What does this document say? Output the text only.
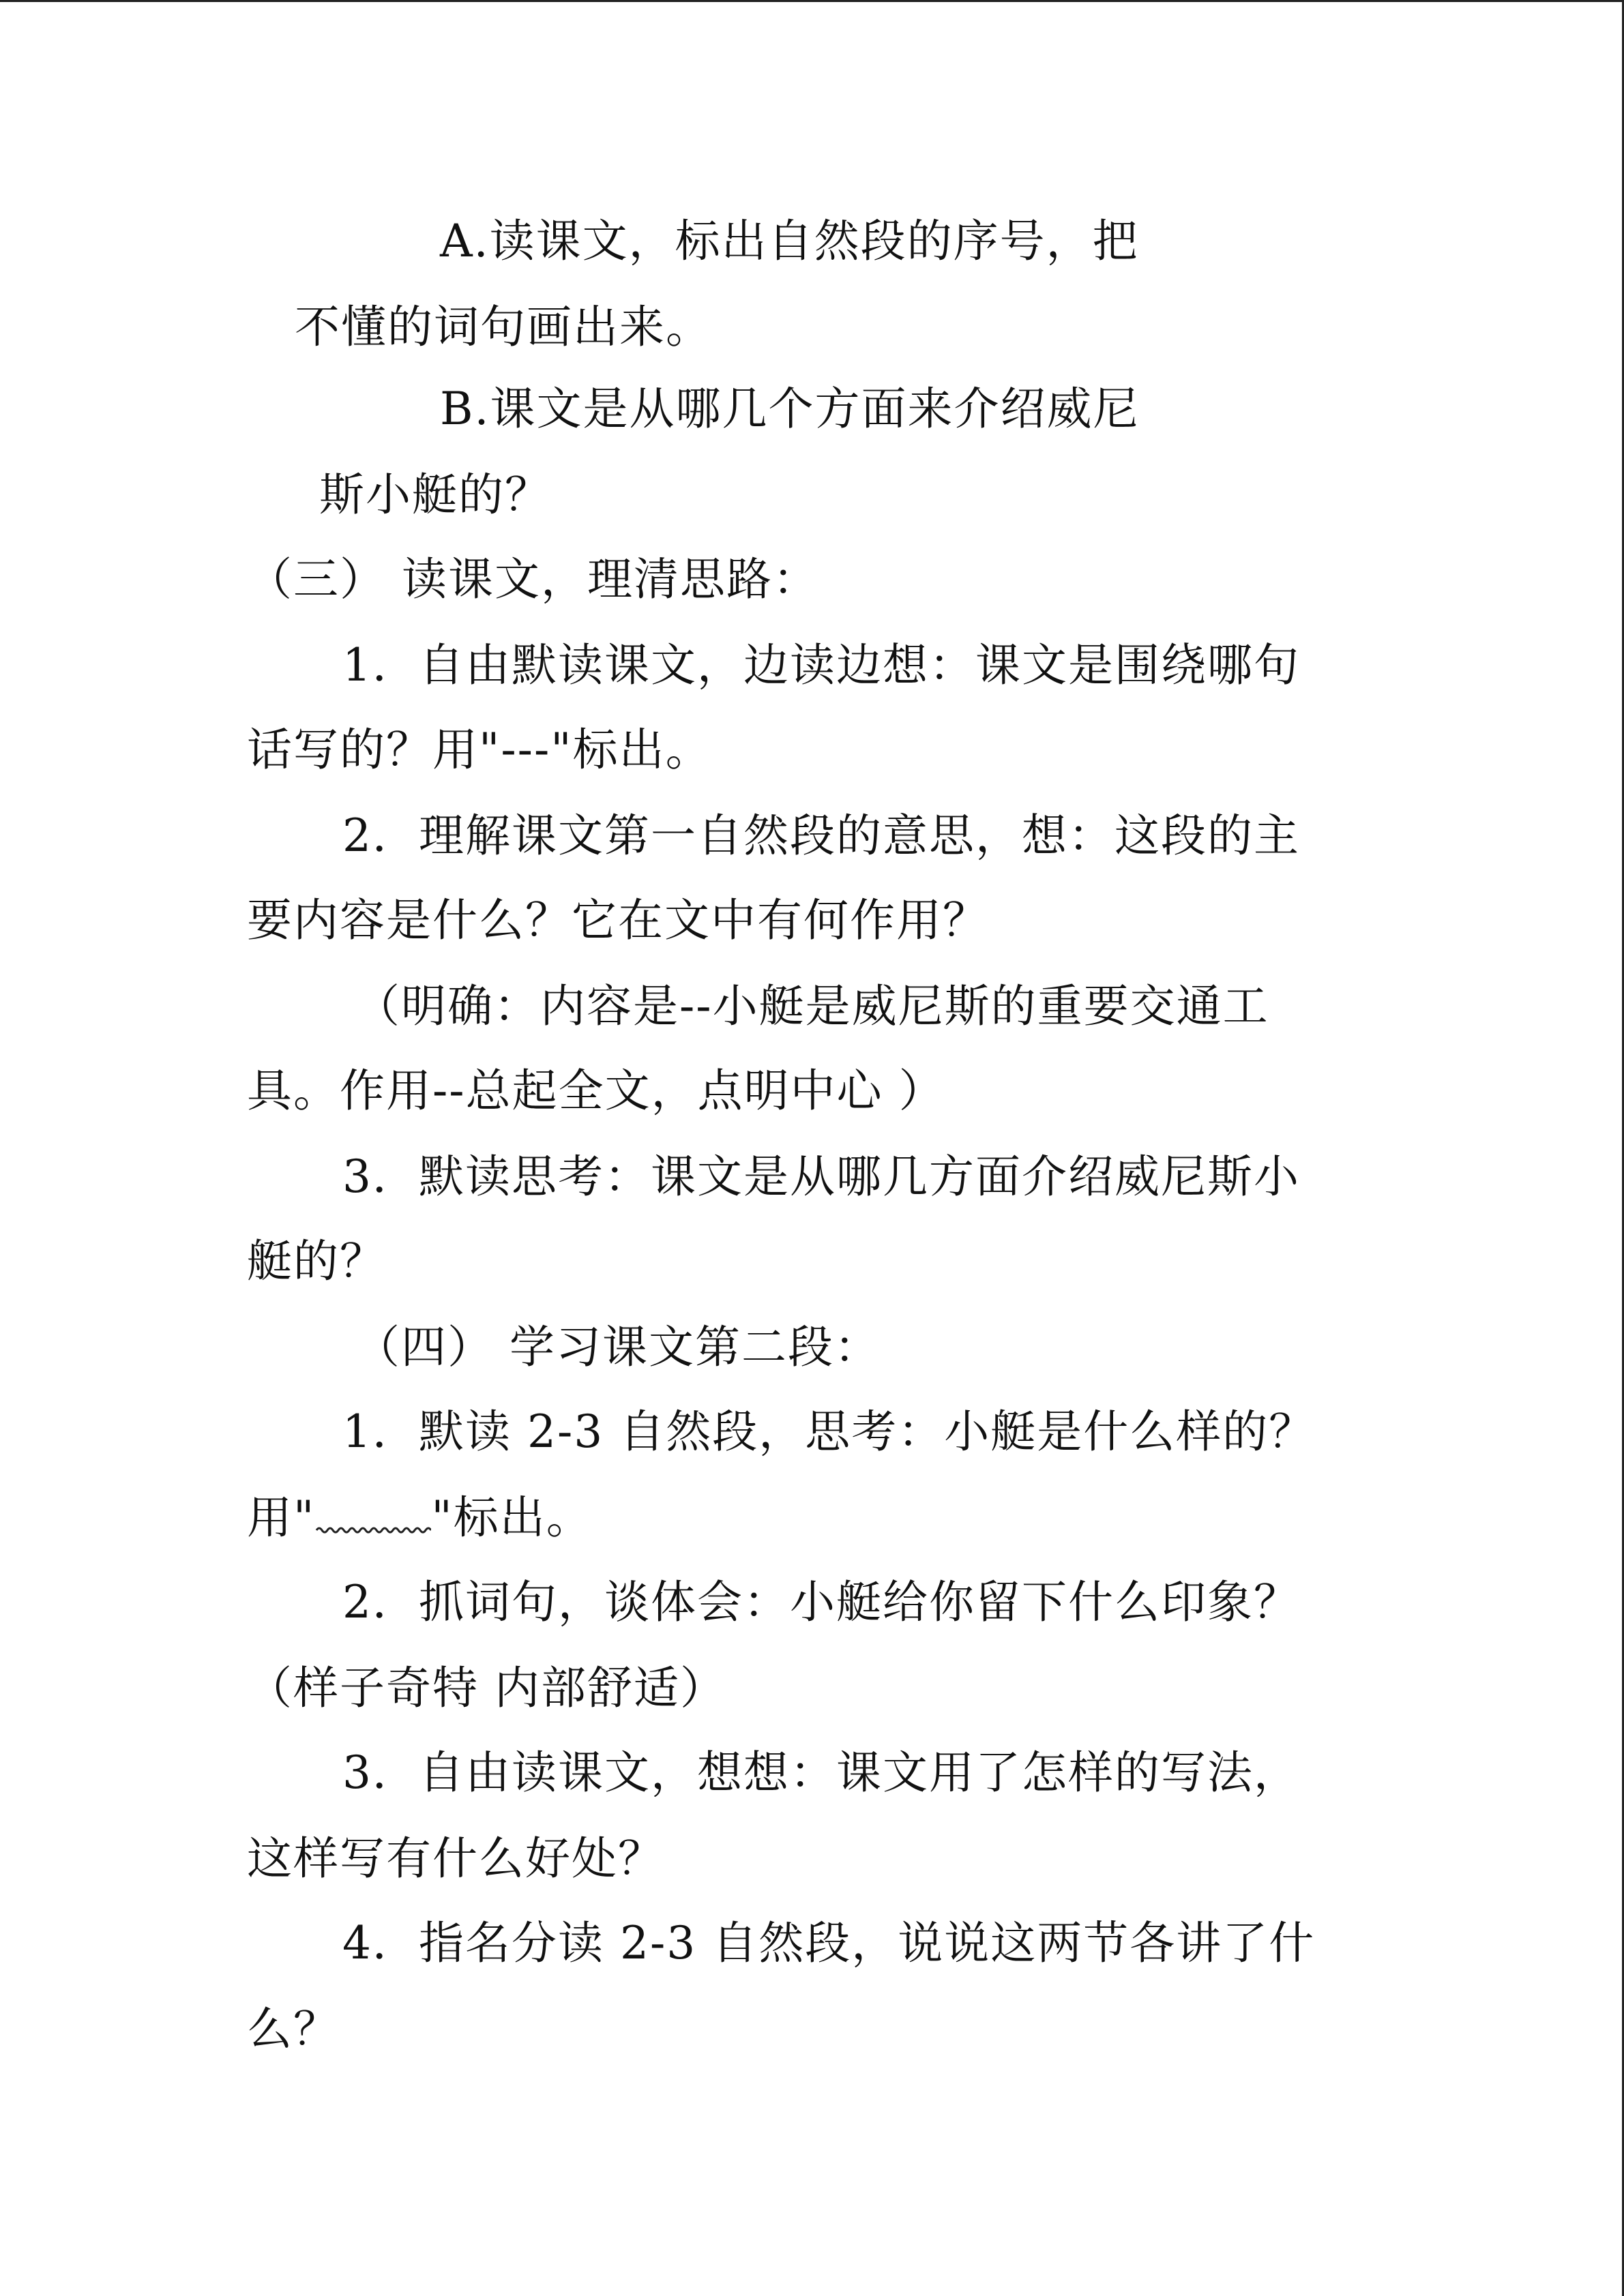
A.读课文，标出自然段的序号，把
不懂的词句画出来。
B.课文是从哪几个方面来介绍威尼
斯小艇的？
（三） 读课文，理清思路：
1．自由默读课文，边读边想：课文是围绕哪句
话写的？用"---"标出。
2．理解课文第一自然段的意思，想：这段的主
要内容是什么？它在文中有何作用？
（明确：内容是--小艇是威尼斯的重要交通工
具。作用--总起全文，点明中心 ）
3．默读思考：课文是从哪几方面介绍威尼斯小
艇的？
（四） 学习课文第二段：
1．默读 2-3 自然段，思考：小艇是什么样的？
用"	"标出。
2．抓词句，谈体会：小艇给你留下什么印象？
（样子奇特 内部舒适）
3．自由读课文，想想：课文用了怎样的写法，
这样写有什么好处？
4．指名分读 2-3 自然段，说说这两节各讲了什
么？
